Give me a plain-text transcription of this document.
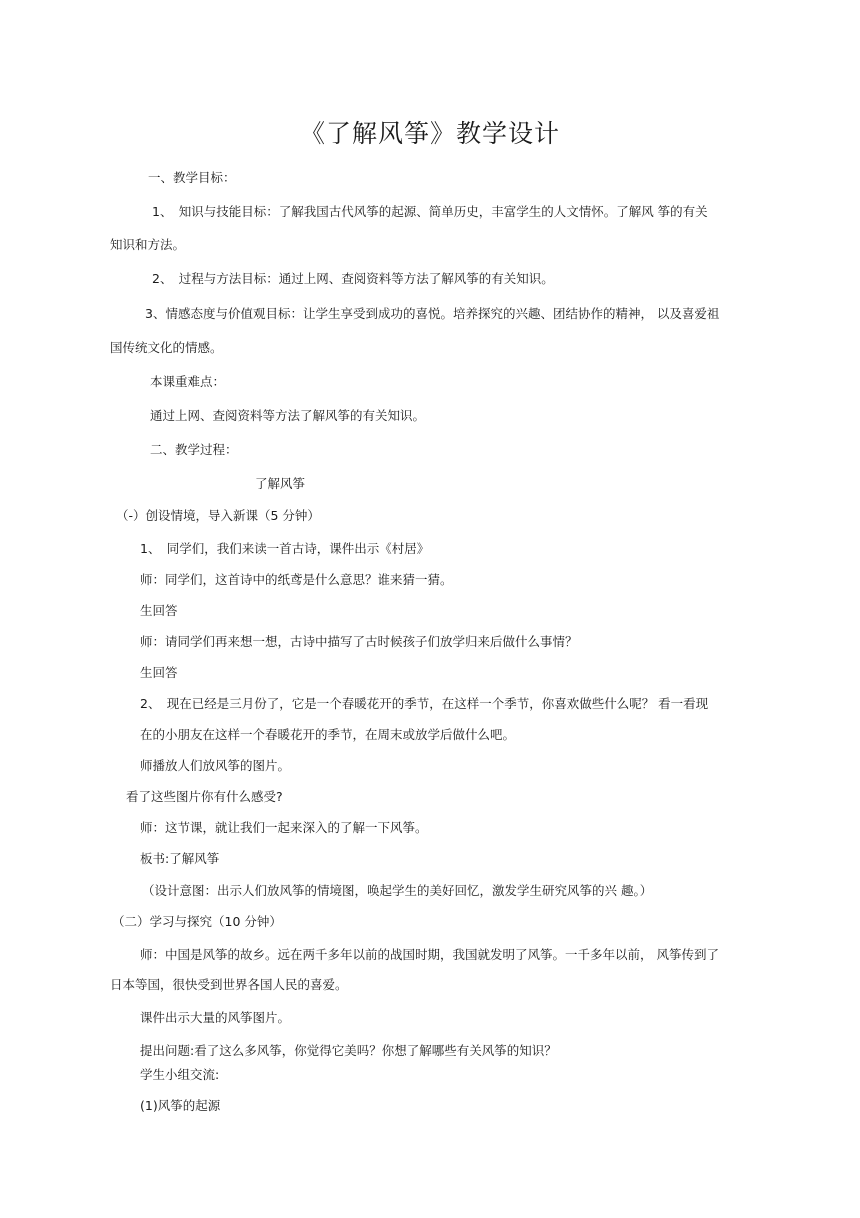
《了解风筝》教学设计
一、教学目标：
1、　知识与技能目标：了解我国古代风筝的起源、简单历史，丰富学生的人文情怀。了解风 筝的有关
知识和方法。
2、　过程与方法目标：通过上网、查阅资料等方法了解风筝的有关知识。
3、情感态度与价值观目标：让学生享受到成功的喜悦。培养探究的兴趣、团结协作的精神， 以及喜爱祖
国传统文化的情感。
本课重难点：
通过上网、查阅资料等方法了解风筝的有关知识。
二、教学过程：
了解风筝
（-）创设情境，导入新课（5 分钟）
1、　同学们，我们来读一首古诗，课件出示《村居》
师：同学们，这首诗中的纸鸢是什么意思？谁来猜一猜。
生回答
师：请同学们再来想一想，古诗中描写了古时候孩子们放学归来后做什么事情？
生回答
2、　现在已经是三月份了，它是一个春暖花开的季节，在这样一个季节，你喜欢做些什么呢？ 看一看现
在的小朋友在这样一个春暖花开的季节，在周末或放学后做什么吧。
师播放人们放风筝的图片。
看了这些图片你有什么感受?
师：这节课，就让我们一起来深入的了解一下风筝。
板书:了解风筝
（设计意图：出示人们放风筝的情境图，唤起学生的美好回忆，激发学生研究风筝的兴 趣。）
（二）学习与探究（10 分钟）
师：中国是风筝的故乡。远在两千多年以前的战国时期，我国就发明了风筝。一千多年以前， 风筝传到了
日本等国，很快受到世界各国人民的喜爱。
课件出示大量的风筝图片。
提出问题:看了这么多风筝，你觉得它美吗？你想了解哪些有关风筝的知识？
学生小组交流:
(1)风筝的起源
